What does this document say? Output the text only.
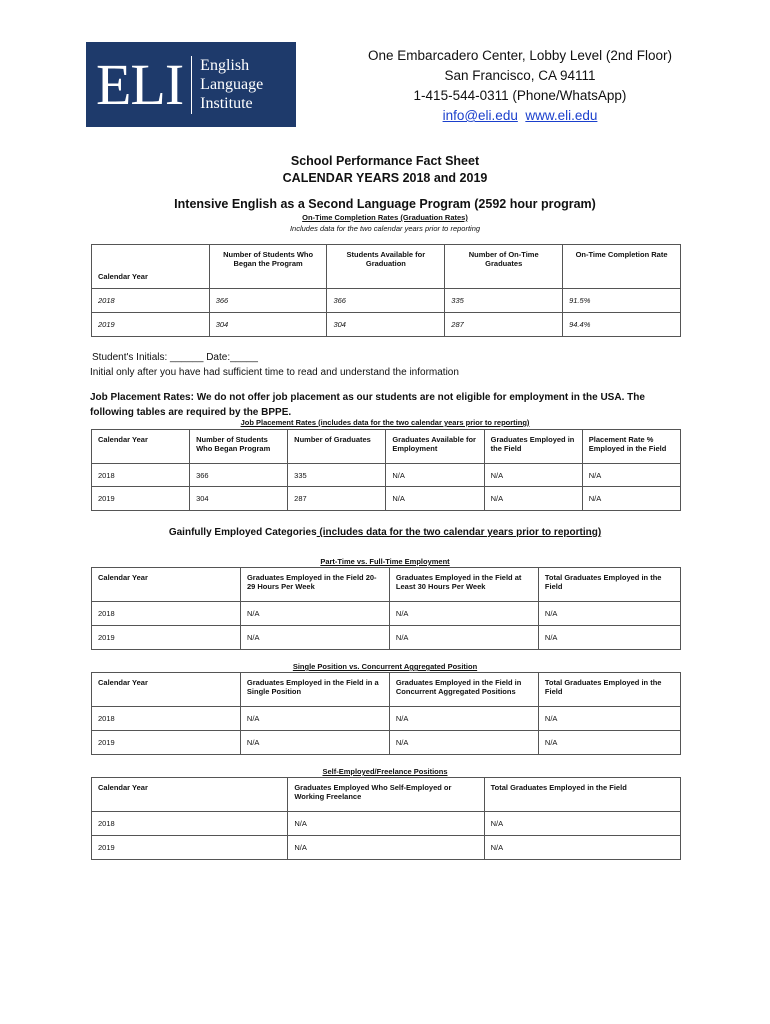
ELI English
Language
Institute
One Embarcadero Center, Lobby Level (2nd Floor)
San Francisco, CA 94111
1-415-544-0311 (Phone/WhatsApp)
info@eli.edu www.eli.edu
School Performance Fact Sheet
CALENDAR YEARS 2018 and 2019
Intensive English as a Second Language Program (2592 hour program)
On-Time Completion Rates (Graduation Rates)
Includes data for the two calendar years prior to reporting
Calendar Year	Number of Students Who Began the Program	Students Available for Graduation	Number of On-Time Graduates	On-Time Completion Rate
2018	366	366	335	91.5%
2019	304	304	287	94.4%
Student's Initials: ______ Date:_____
Initial only after you have had sufficient time to read and understand the information
Job Placement Rates: We do not offer job placement as our students are not eligible for employment in the USA. The following tables are required by the BPPE.
Job Placement Rates (includes data for the two calendar years prior to reporting)
Calendar Year	Number of Students Who Began Program	Number of Graduates	Graduates Available for Employment	Graduates Employed in the Field	Placement Rate % Employed in the Field
2018	366	335	N/A	N/A	N/A
2019	304	287	N/A	N/A	N/A
Gainfully Employed Categories (includes data for the two calendar years prior to reporting)
Part-Time vs. Full-Time Employment
Calendar Year	Graduates Employed in the Field 20-29 Hours Per Week	Graduates Employed in the Field at Least 30 Hours Per Week	Total Graduates Employed in the Field
2018	N/A	N/A	N/A
2019	N/A	N/A	N/A
Single Position vs. Concurrent Aggregated Position
Calendar Year	Graduates Employed in the Field in a Single Position	Graduates Employed in the Field in Concurrent Aggregated Positions	Total Graduates Employed in the Field
2018	N/A	N/A	N/A
2019	N/A	N/A	N/A
Self-Employed/Freelance Positions
Calendar Year	Graduates Employed Who Self-Employed or Working Freelance	Total Graduates Employed in the Field
2018	N/A	N/A
2019	N/A	N/A
